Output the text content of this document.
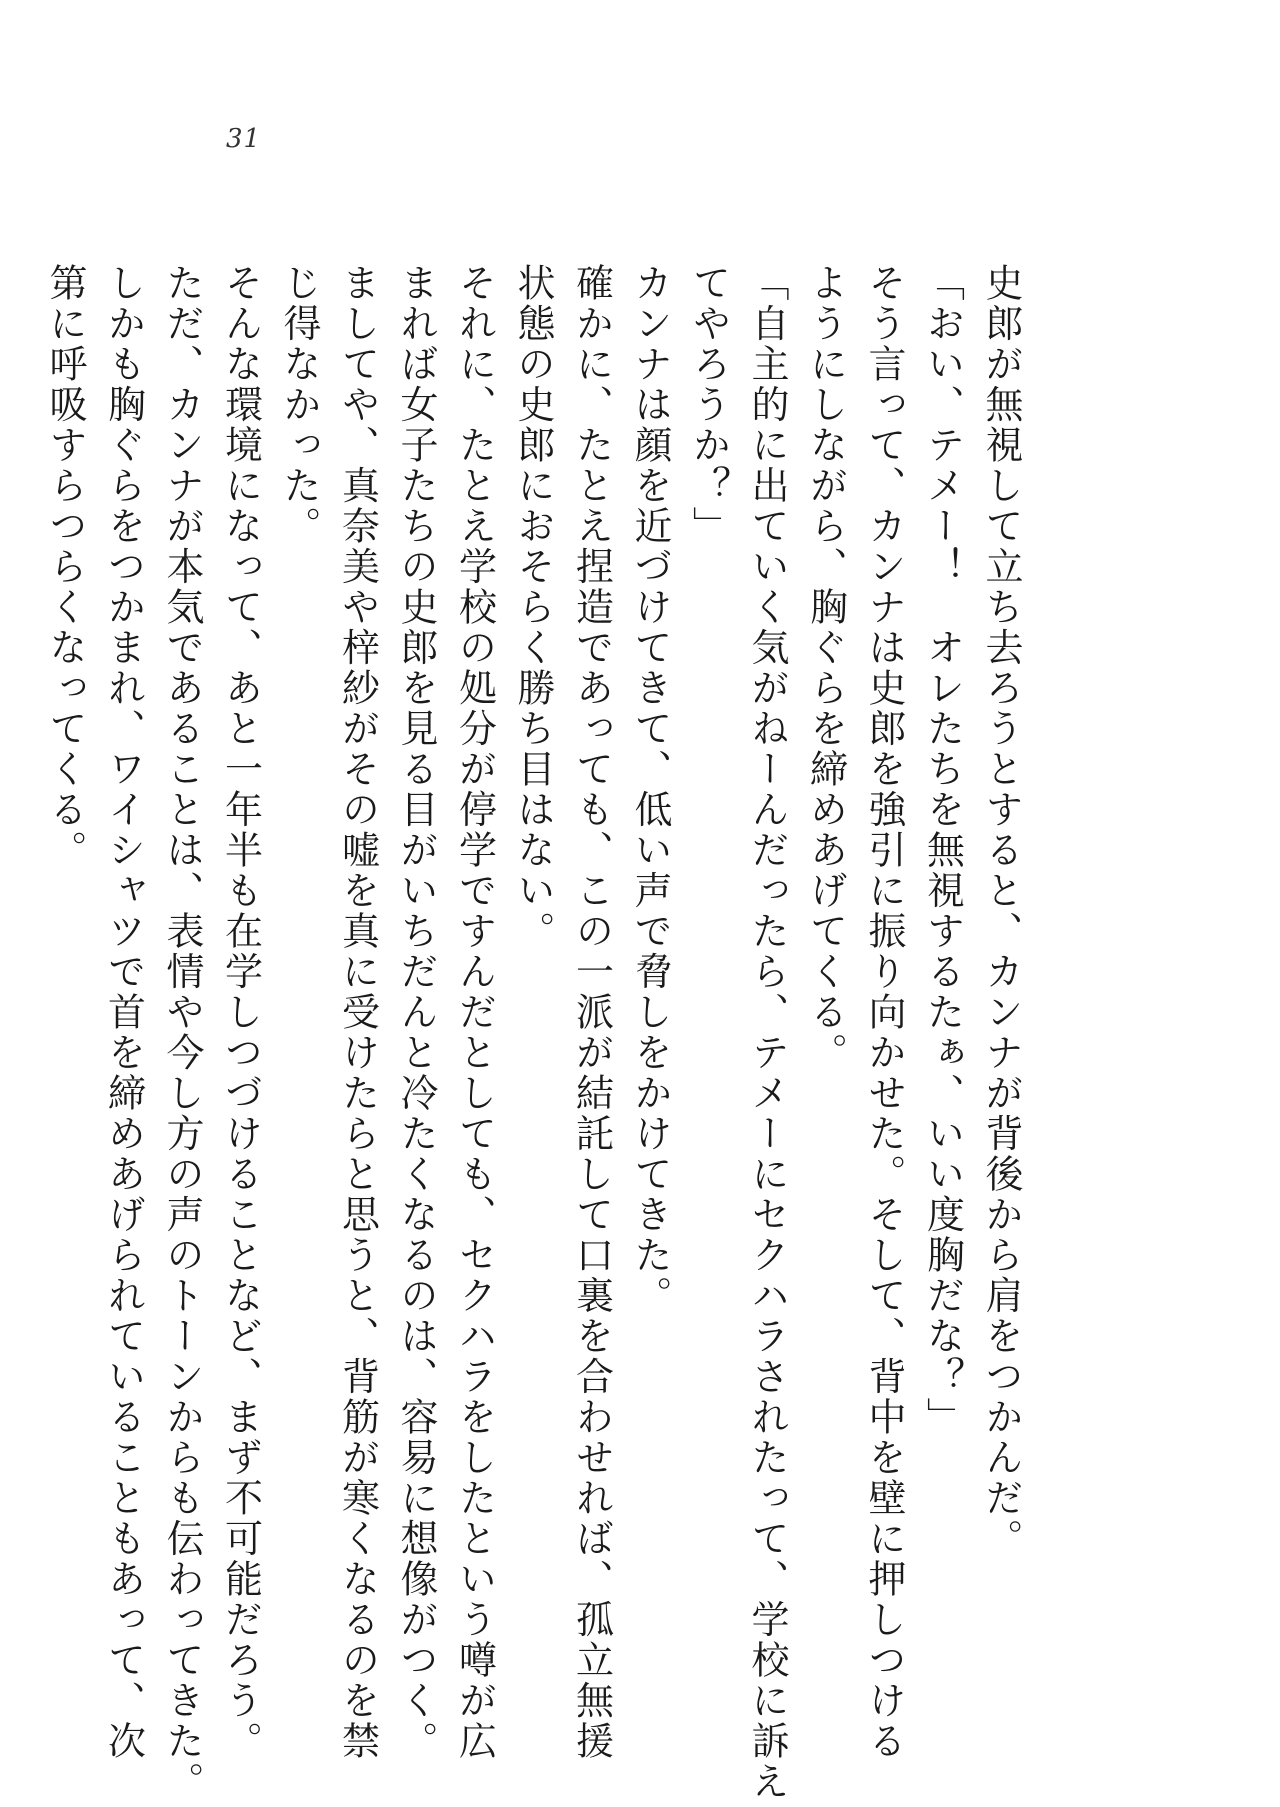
31
史郎が無視して立ち去ろうとすると、カンナが背後から肩をつかんだ。
「おい、テメー！　オレたちを無視するたぁ、いい度胸だな？」
そう言って、カンナは史郎を強引に振り向かせた。そして、背中を壁に押しつける
ようにしながら、胸ぐらを締めあげてくる。
「自主的に出ていく気がねーんだったら、テメーにセクハラされたって、学校に訴え
てやろうか？」
カンナは顔を近づけてきて、低い声で脅しをかけてきた。
確かに、たとえ捏造であっても、この一派が結託して口裏を合わせれば、孤立無援
状態の史郎におそらく勝ち目はない。
それに、たとえ学校の処分が停学ですんだとしても、セクハラをしたという噂が広
まれば女子たちの史郎を見る目がいちだんと冷たくなるのは、容易に想像がつく。
ましてや、真奈美や梓紗がその嘘を真に受けたらと思うと、背筋が寒くなるのを禁
じ得なかった。
そんな環境になって、あと一年半も在学しつづけることなど、まず不可能だろう。
ただ、カンナが本気であることは、表情や今し方の声のトーンからも伝わってきた。
しかも胸ぐらをつかまれ、ワイシャツで首を締めあげられていることもあって、次
第に呼吸すらつらくなってくる。
